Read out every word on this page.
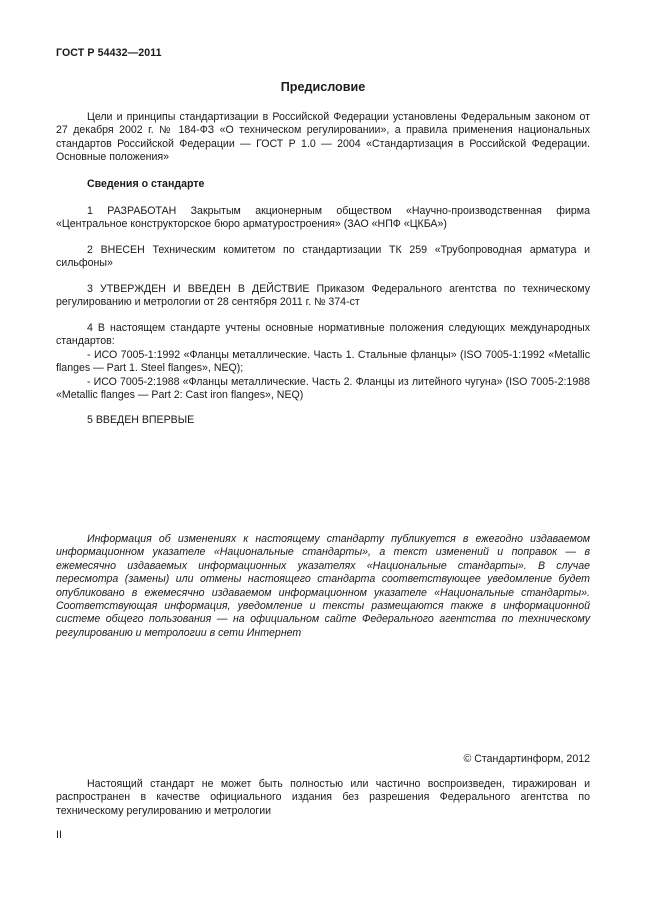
ГОСТ Р 54432—2011
Предисловие

Цели и принципы стандартизации в Российской Федерации установлены Федеральным законом от 27 декабря 2002 г. № 184-ФЗ «О техническом регулировании», а правила применения национальных стандартов Российской Федерации — ГОСТ Р 1.0 — 2004 «Стандартизация в Российской Федерации. Основные положения»

Сведения о стандарте

1 РАЗРАБОТАН Закрытым акционерным обществом «Научно-производственная фирма «Центральное конструкторское бюро арматуростроения» (ЗАО «НПФ «ЦКБА»)

2 ВНЕСЕН Техническим комитетом по стандартизации ТК 259 «Трубопроводная арматура и сильфоны»

3 УТВЕРЖДЕН И ВВЕДЕН В ДЕЙСТВИЕ Приказом Федерального агентства по техническому регулированию и метрологии от 28 сентября 2011 г. № 374-ст

4 В настоящем стандарте учтены основные нормативные положения следующих международных стандартов:

- ИСО 7005-1:1992 «Фланцы металлические. Часть 1. Стальные фланцы» (ISO 7005-1:1992 «Metallic flanges — Part 1. Steel flanges», NEQ);

- ИСО 7005-2:1988 «Фланцы металлические. Часть 2. Фланцы из литейного чугуна» (ISO 7005-2:1988 «Metallic flanges — Part 2: Cast iron flanges», NEQ)

5 ВВЕДЕН ВПЕРВЫЕ

Информация об изменениях к настоящему стандарту публикуется в ежегодно издаваемом информационном указателе «Национальные стандарты», а текст изменений и поправок — в ежемесячно издаваемых информационных указателях «Национальные стандарты». В случае пересмотра (замены) или отмены настоящего стандарта соответствующее уведомление будет опубликовано в ежемесячно издаваемом информационном указателе «Национальные стандарты». Соответствующая информация, уведомление и тексты размещаются также в информационной системе общего пользования — на официальном сайте Федерального агентства по техническому регулированию и метрологии в сети Интернет

© Стандартинформ, 2012

Настоящий стандарт не может быть полностью или частично воспроизведен, тиражирован и распространен в качестве официального издания без разрешения Федерального агентства по техническому регулированию и метрологии

II
